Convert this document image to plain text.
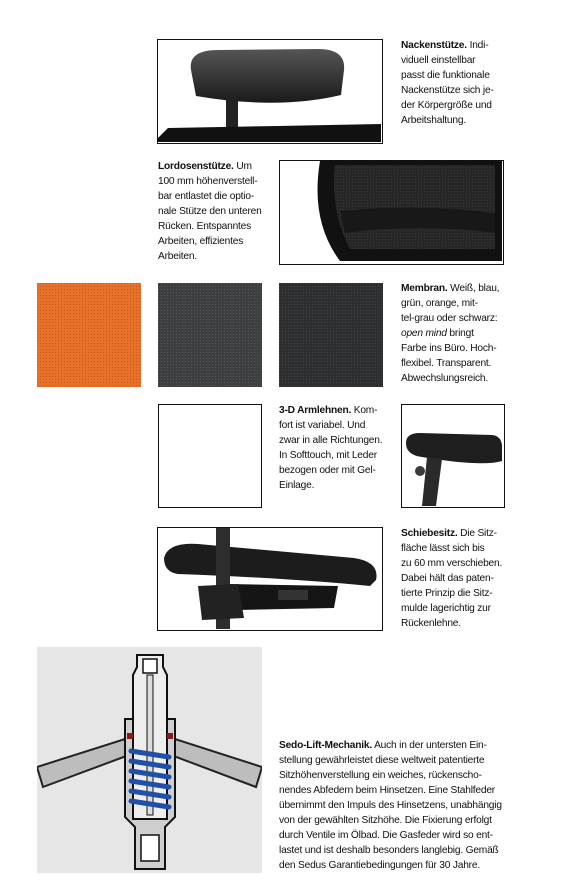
Nackenstütze. Indi-
viduell einstellbar
passt die funktionale
Nackenstütze sich je-
der Körpergröße und
Arbeitshaltung.
Lordosenstütze. Um
100 mm höhenverstell-
bar entlastet die optio-
nale Stütze den unteren
Rücken. Entspanntes
Arbeiten, effizientes
Arbeiten.
Membran. Weiß, blau,
grün, orange, mit-
tel-grau oder schwarz:
open mind bringt
Farbe ins Büro. Hoch-
flexibel. Transparent.
Abwechslungsreich.
3-D Armlehnen. Kom-
fort ist variabel. Und
zwar in alle Richtungen.
In Softtouch, mit Leder
bezogen oder mit Gel-
Einlage.
Schiebesitz. Die Sitz-
fläche lässt sich bis
zu 60 mm verschieben.
Dabei hält das paten-
tierte Prinzip die Sitz-
mulde lagerichtig zur
Rückenlehne.
Sedo-Lift-Mechanik. Auch in der untersten Ein-
stellung gewährleistet diese weltweit patentierte
Sitzhöhenverstellung ein weiches, rückenscho-
nendes Abfedern beim Hinsetzen. Eine Stahlfeder
übernimmt den Impuls des Hinsetzens, unabhängig
von der gewählten Sitzhöhe. Die Fixierung erfolgt
durch Ventile im Ölbad. Die Gasfeder wird so ent-
lastet und ist deshalb besonders langlebig. Gemäß
den Sedus Garantiebedingungen für 30 Jahre.
